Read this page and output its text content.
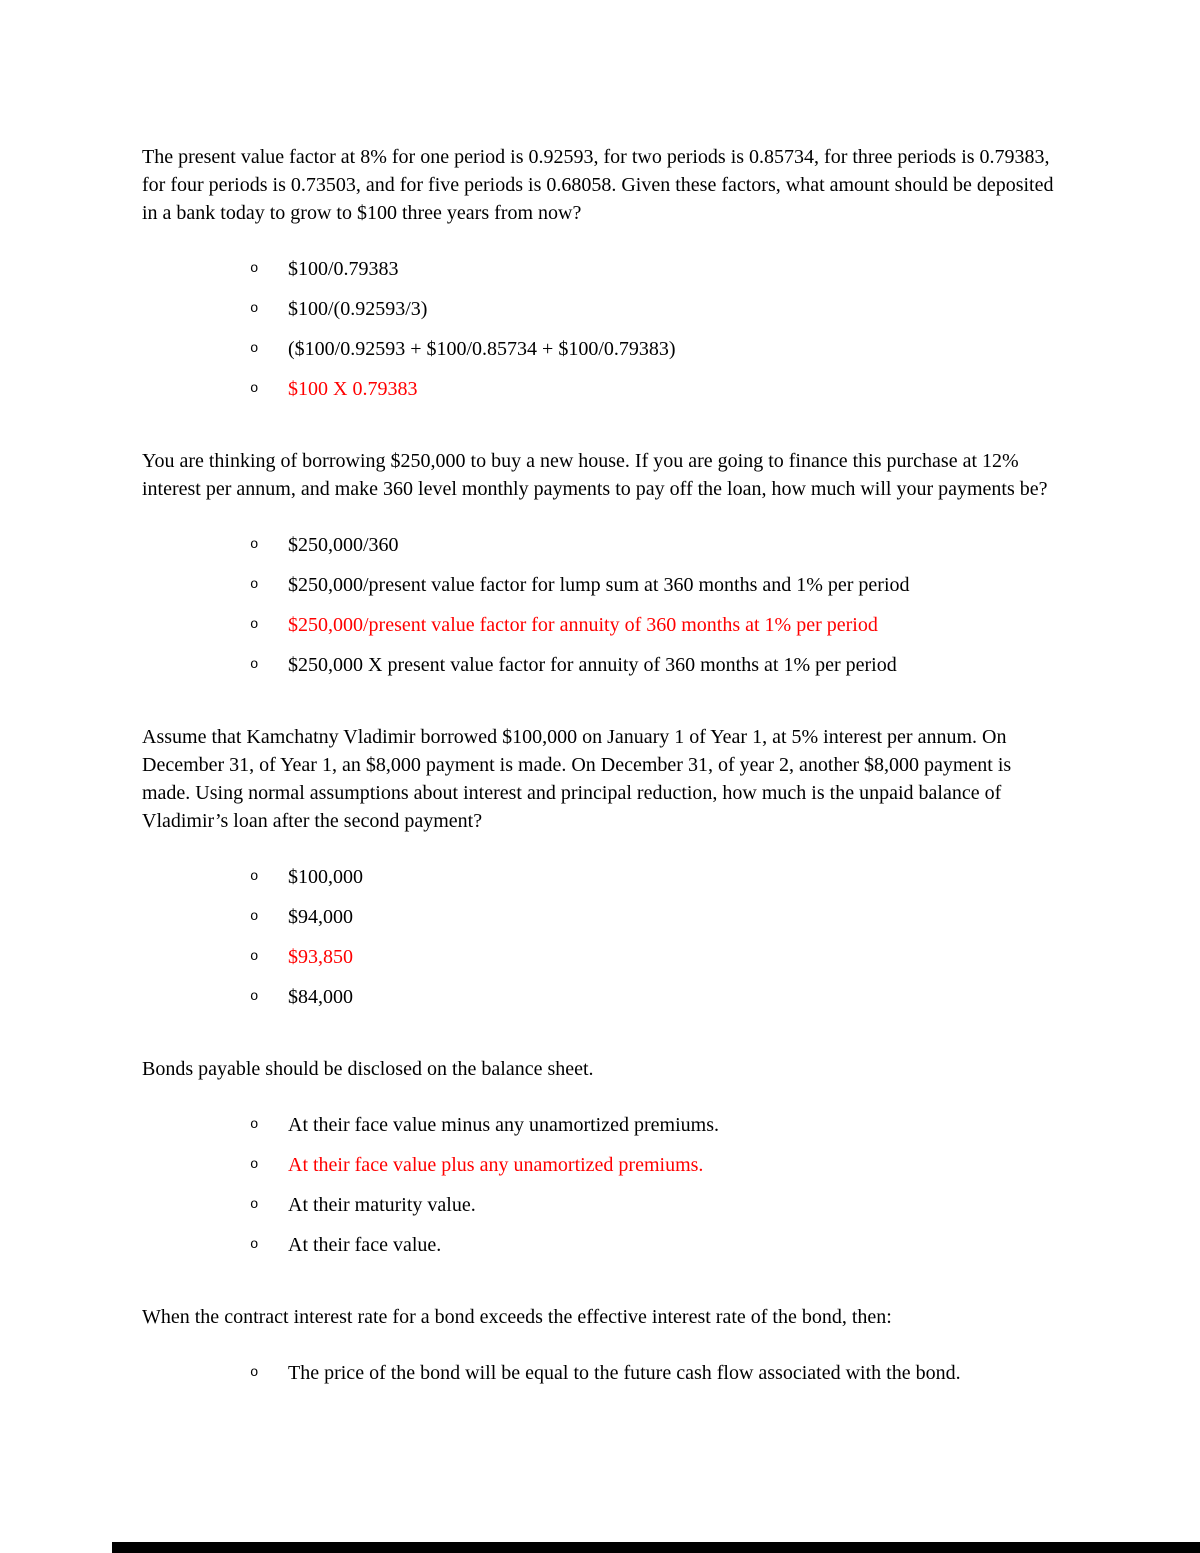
The present value factor at 8% for one period is 0.92593, for two periods is 0.85734, for three periods is 0.79383, for four periods is 0.73503, and for five periods is 0.68058. Given these factors, what amount should be deposited in a bank today to grow to $100 three years from now?

o	$100/0.79383
o	$100/(0.92593/3)
o	($100/0.92593 + $100/0.85734 + $100/0.79383)
o	$100 X 0.79383

You are thinking of borrowing $250,000 to buy a new house. If you are going to finance this purchase at 12% interest per annum, and make 360 level monthly payments to pay off the loan, how much will your payments be?

o	$250,000/360
o	$250,000/present value factor for lump sum at 360 months and 1% per period
o	$250,000/present value factor for annuity of 360 months at 1% per period
o	$250,000 X present value factor for annuity of 360 months at 1% per period

Assume that Kamchatny Vladimir borrowed $100,000 on January 1 of Year 1, at 5% interest per annum. On December 31, of Year 1, an $8,000 payment is made. On December 31, of year 2, another $8,000 payment is made. Using normal assumptions about interest and principal reduction, how much is the unpaid balance of Vladimir’s loan after the second payment?

o	$100,000
o	$94,000
o	$93,850
o	$84,000

Bonds payable should be disclosed on the balance sheet.

o	At their face value minus any unamortized premiums.
o	At their face value plus any unamortized premiums.
o	At their maturity value.
o	At their face value.

When the contract interest rate for a bond exceeds the effective interest rate of the bond, then:

o	The price of the bond will be equal to the future cash flow associated with the bond.
